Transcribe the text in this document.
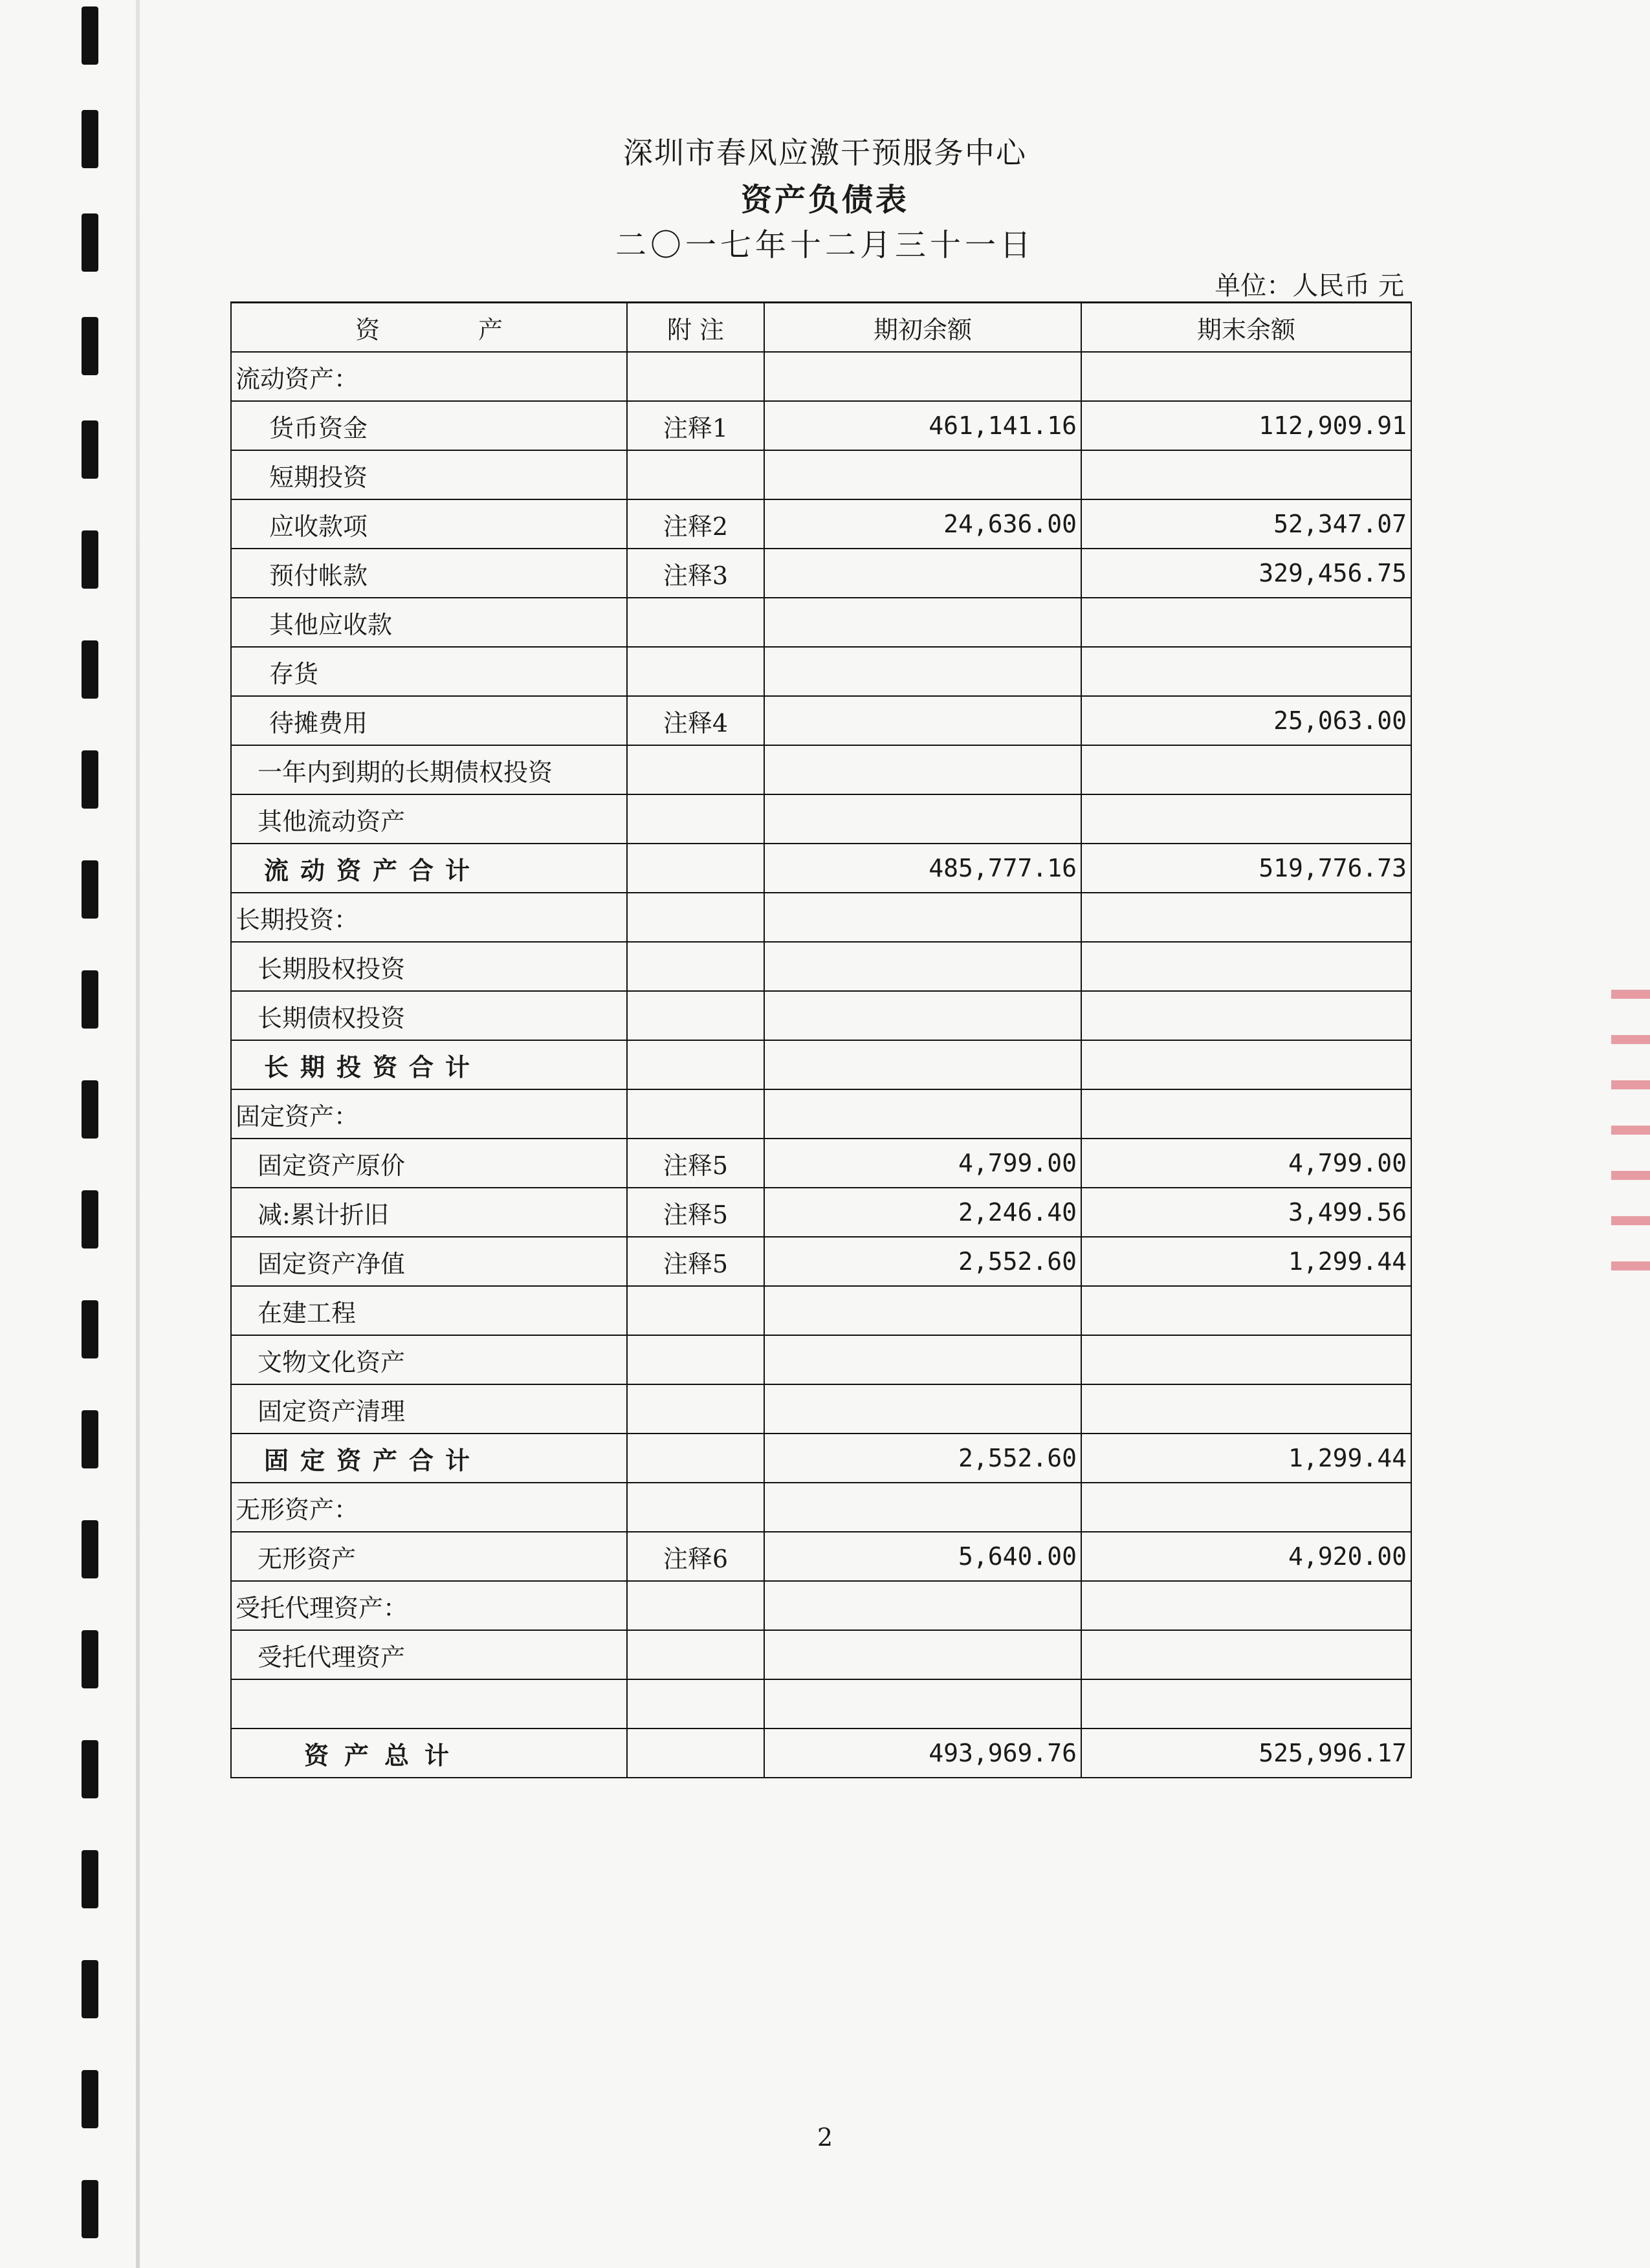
深圳市春风应激干预服务中心
资产负债表
二〇一七年十二月三十一日
单位：人民币 元
资　　　　产	附 注	期初余额	期末余额
流动资产：			
货币资金	注释1	461,141.16	112,909.91
短期投资			
应收款项	注释2	24,636.00	52,347.07
预付帐款	注释3		329,456.75
其他应收款			
存货			
待摊费用	注释4		25,063.00
一年内到期的长期债权投资			
其他流动资产			
流动资产合计		485,777.16	519,776.73
长期投资：			
长期股权投资			
长期债权投资			
长期投资合计			
固定资产：			
固定资产原价	注释5	4,799.00	4,799.00
减:累计折旧	注释5	2,246.40	3,499.56
固定资产净值	注释5	2,552.60	1,299.44
在建工程			
文物文化资产			
固定资产清理			
固定资产合计		2,552.60	1,299.44
无形资产：			
无形资产	注释6	5,640.00	4,920.00
受托代理资产：			
受托代理资产			

资产总计		493,969.76	525,996.17
2
